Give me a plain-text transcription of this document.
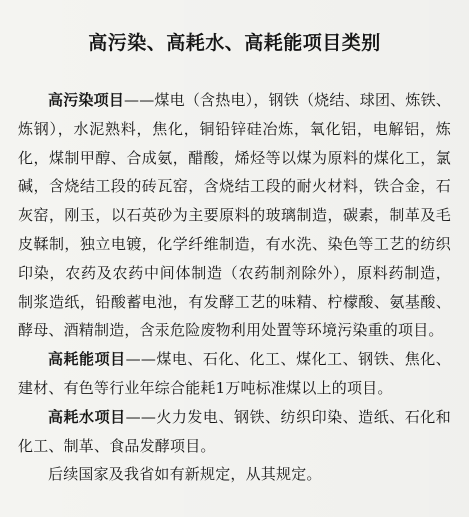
高污染、高耗水、高耗能项目类别

高污染项目——煤电（含热电），钢铁（烧结、球团、炼铁、炼钢），水泥熟料，焦化，铜铅锌硅冶炼，氧化铝，电解铝，炼化，煤制甲醇、合成氨，醋酸，烯烃等以煤为原料的煤化工，氯碱，含烧结工段的砖瓦窑，含烧结工段的耐火材料，铁合金，石灰窑，刚玉，以石英砂为主要原料的玻璃制造，碳素，制革及毛皮鞣制，独立电镀，化学纤维制造，有水洗、染色等工艺的纺织印染，农药及农药中间体制造（农药制剂除外），原料药制造，制浆造纸，铅酸蓄电池，有发酵工艺的味精、柠檬酸、氨基酸、酵母、酒精制造，含汞危险废物利用处置等环境污染重的项目。

高耗能项目——煤电、石化、化工、煤化工、钢铁、焦化、建材、有色等行业年综合能耗1万吨标准煤以上的项目。

高耗水项目——火力发电、钢铁、纺织印染、造纸、石化和化工、制革、食品发酵项目。

后续国家及我省如有新规定，从其规定。
